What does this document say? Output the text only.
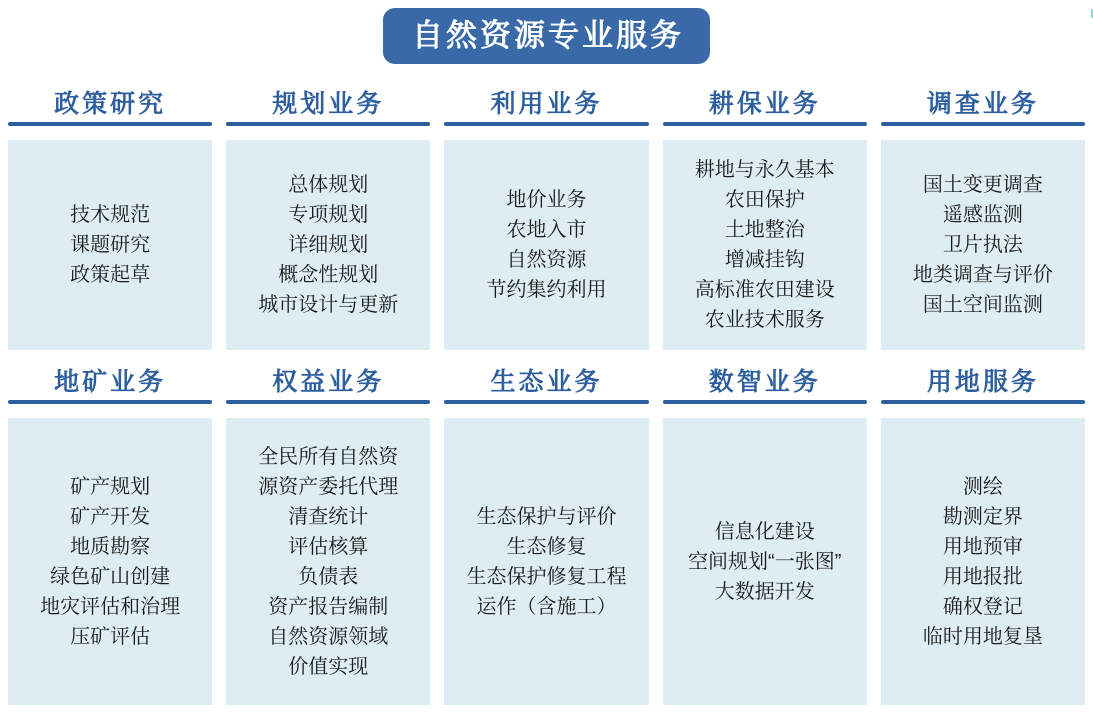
自然资源专业服务
政策研究
技术规范
课题研究
政策起草
规划业务
总体规划
专项规划
详细规划
概念性规划
城市设计与更新
利用业务
地价业务
农地入市
自然资源
节约集约利用
耕保业务
耕地与永久基本
农田保护
土地整治
增减挂钩
高标准农田建设
农业技术服务
调查业务
国土变更调查
遥感监测
卫片执法
地类调查与评价
国土空间监测
地矿业务
矿产规划
矿产开发
地质勘察
绿色矿山创建
地灾评估和治理
压矿评估
权益业务
全民所有自然资
源资产委托代理
清查统计
评估核算
负债表
资产报告编制
自然资源领域
价值实现
生态业务
生态保护与评价
生态修复
生态保护修复工程
运作（含施工）
数智业务
信息化建设
空间规划“一张图”
大数据开发
用地服务
测绘
勘测定界
用地预审
用地报批
确权登记
临时用地复垦
